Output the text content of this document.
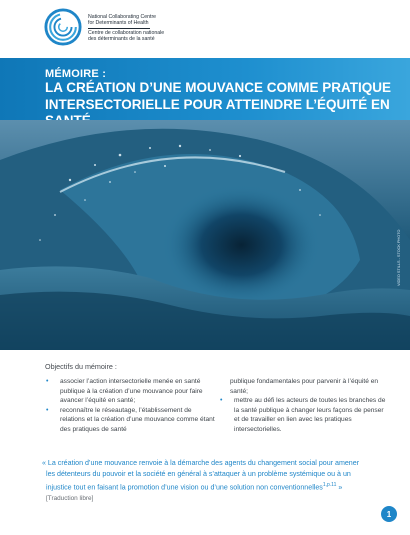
National Collaborating Centre
for Determinants of Health
Centre de collaboration nationale
des déterminants de la santé
MÉMOIRE :
LA CRÉATION D’UNE MOUVANCE COMME PRATIQUE
INTERSECTORIELLE POUR ATTEINDRE L’ÉQUITÉ EN
VIDEO STILLS - STOCK PHOTO
Objectifs du mémoire :
• associer l’action intersectorielle menée en santé publique à la création d’une mouvance pour faire avancer l’équité en santé;
• reconnaître le réseautage, l’établissement de relations et la création d’une mouvance comme étant des pratiques de santé
publique fondamentales pour parvenir à l’équité en santé;
• mettre au défi les acteurs de toutes les branches de la santé publique à changer leurs façons de penser et de travailler en lien avec les pratiques intersectorielles.
« La création d’une mouvance renvoie à la démarche des agents du changement social pour amener les détenteurs du pouvoir et la société en général à s’attaquer à un problème systémique ou à un injustice tout en faisant la promotion d’une vision ou d’une solution non conventionnelles$^{1,p.11}$ » [Traduction libre]
1
